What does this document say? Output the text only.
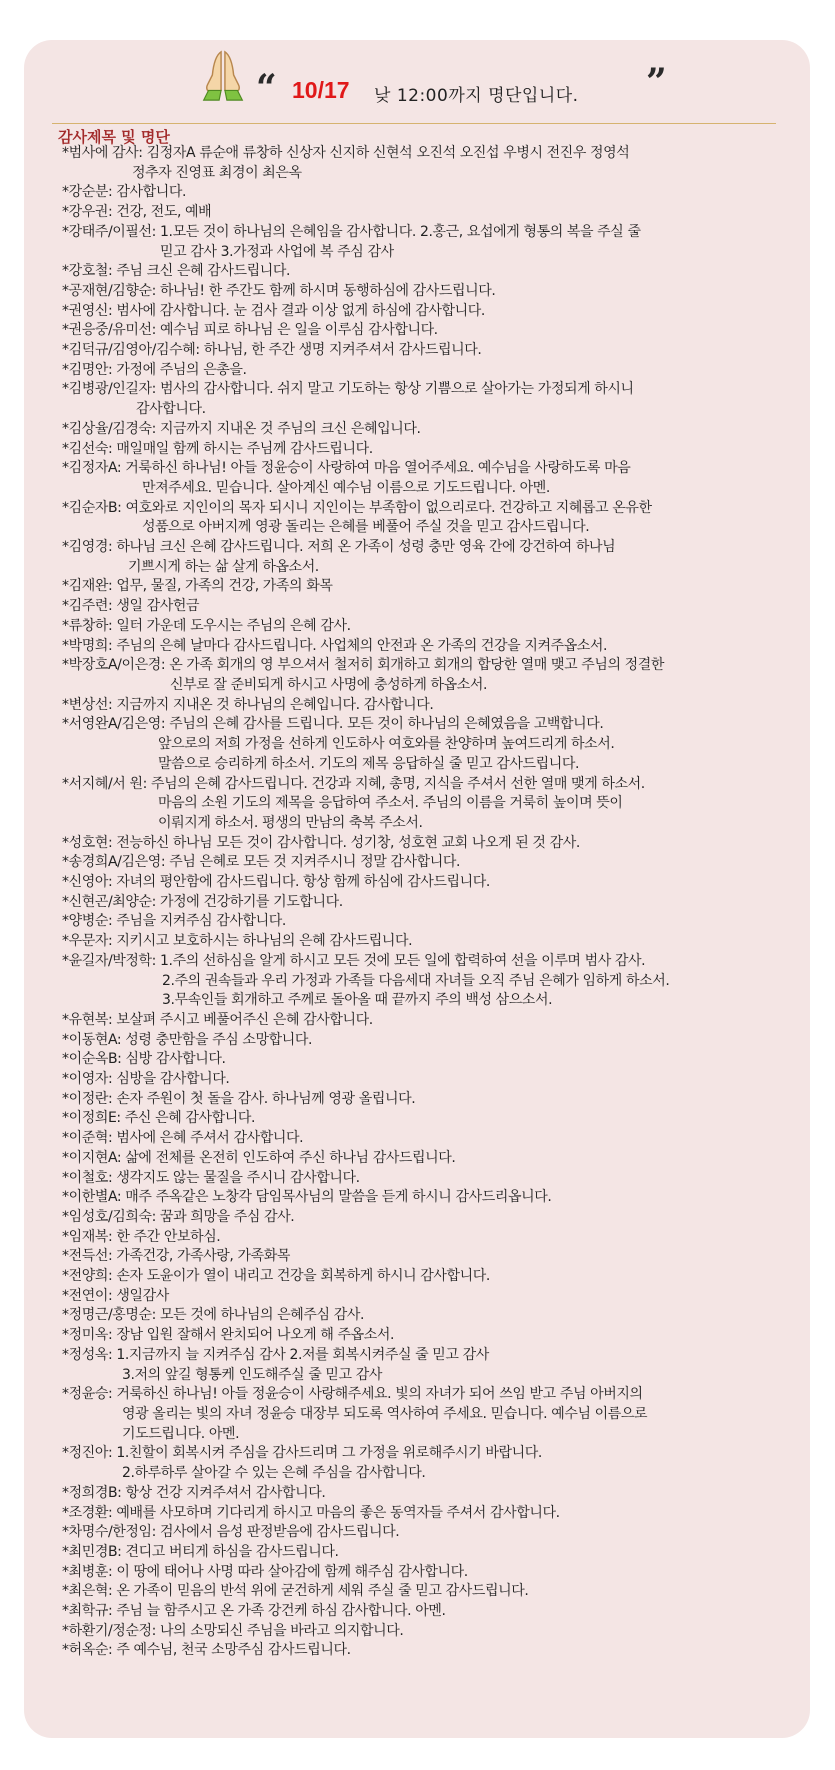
“ 10/17 낮 12:00까지 명단입니다. ”
감사제목 및 명단
*범사에 감사: 김정자A 류순애 류창하 신상자 신지하 신현석 오진석 오진섭 우병시 전진우 정영석
정추자 진영표 최경이 최은옥
*강순분: 감사합니다.
*강우권: 건강, 전도, 예배
*강태주/이필선: 1.모든 것이 하나님의 은혜임을 감사합니다. 2.홍근, 요섭에게 형통의 복을 주실 줄
믿고 감사 3.가정과 사업에 복 주심 감사
*강호철: 주님 크신 은혜 감사드립니다.
*공재현/김향순: 하나님! 한 주간도 함께 하시며 동행하심에 감사드립니다.
*권영신: 범사에 감사합니다. 눈 검사 결과 이상 없게 하심에 감사합니다.
*권응중/유미선: 예수님 피로 하나님 은 일을 이루심 감사합니다.
*김덕규/김영아/김수혜: 하나님, 한 주간 생명 지켜주셔서 감사드립니다.
*김명안: 가정에 주님의 은총을.
*김병광/인길자: 범사의 감사합니다. 쉬지 말고 기도하는 항상 기쁨으로 살아가는 가정되게 하시니
감사합니다.
*김상율/김경숙: 지금까지 지내온 것 주님의 크신 은혜입니다.
*김선숙: 매일매일 함께 하시는 주님께 감사드립니다.
*김정자A: 거룩하신 하나님! 아들 정윤승이 사랑하여 마음 열어주세요. 예수님을 사랑하도록 마음
만져주세요. 믿습니다. 살아계신 예수님 이름으로 기도드립니다. 아멘.
*김순자B: 여호와로 지인이의 목자 되시니 지인이는 부족함이 없으리로다. 건강하고 지혜롭고 온유한
성품으로 아버지께 영광 돌리는 은혜를 베풀어 주실 것을 믿고 감사드립니다.
*김영경: 하나님 크신 은혜 감사드립니다. 저희 온 가족이 성령 충만 영육 간에 강건하여 하나님
기쁘시게 하는 삶 살게 하옵소서.
*김재완: 업무, 물질, 가족의 건강, 가족의 화목
*김주련: 생일 감사헌금
*류창하: 일터 가운데 도우시는 주님의 은혜 감사.
*박명희: 주님의 은혜 날마다 감사드립니다. 사업체의 안전과 온 가족의 건강을 지켜주옵소서.
*박장호A/이은경: 온 가족 회개의 영 부으셔서 철저히 회개하고 회개의 합당한 열매 맺고 주님의 정결한
신부로 잘 준비되게 하시고 사명에 충성하게 하옵소서.
*변상선: 지금까지 지내온 것 하나님의 은혜입니다. 감사합니다.
*서영완A/김은영: 주님의 은혜 감사를 드립니다. 모든 것이 하나님의 은혜였음을 고백합니다.
앞으로의 저희 가정을 선하게 인도하사 여호와를 찬양하며 높여드리게 하소서.
말씀으로 승리하게 하소서. 기도의 제목 응답하실 줄 믿고 감사드립니다.
*서지혜/서 원: 주님의 은혜 감사드립니다. 건강과 지혜, 총명, 지식을 주셔서 선한 열매 맺게 하소서.
마음의 소원 기도의 제목을 응답하여 주소서. 주님의 이름을 거룩히 높이며 뜻이
이뤄지게 하소서. 평생의 만남의 축복 주소서.
*성호현: 전능하신 하나님 모든 것이 감사합니다. 성기창, 성호현 교회 나오게 된 것 감사.
*송경희A/김은영: 주님 은혜로 모든 것 지켜주시니 정말 감사합니다.
*신영아: 자녀의 평안함에 감사드립니다. 항상 함께 하심에 감사드립니다.
*신현곤/최양순: 가정에 건강하기를 기도합니다.
*양병순: 주님을 지켜주심 감사합니다.
*우문자: 지키시고 보호하시는 하나님의 은혜 감사드립니다.
*윤길자/박정학: 1.주의 선하심을 알게 하시고 모든 것에 모든 일에 합력하여 선을 이루며 범사 감사.
2.주의 권속들과 우리 가정과 가족들 다음세대 자녀들 오직 주님 은혜가 임하게 하소서.
3.무속인들 회개하고 주께로 돌아올 때 끝까지 주의 백성 삼으소서.
*유현복: 보살펴 주시고 베풀어주신 은혜 감사합니다.
*이동현A: 성령 충만함을 주심 소망합니다.
*이순옥B: 심방 감사합니다.
*이영자: 심방을 감사합니다.
*이정란: 손자 주원이 첫 돌을 감사. 하나님께 영광 올립니다.
*이정희E: 주신 은혜 감사합니다.
*이준혁: 범사에 은혜 주셔서 감사합니다.
*이지현A: 삶에 전체를 온전히 인도하여 주신 하나님 감사드립니다.
*이철호: 생각지도 않는 물질을 주시니 감사합니다.
*이한별A: 매주 주옥같은 노창각 담임목사님의 말씀을 듣게 하시니 감사드리옵니다.
*임성호/김희숙: 꿈과 희망을 주심 감사.
*임재복: 한 주간 안보하심.
*전득선: 가족건강, 가족사랑, 가족화목
*전양희: 손자 도윤이가 열이 내리고 건강을 회복하게 하시니 감사합니다.
*전연이: 생일감사
*정명근/홍명순: 모든 것에 하나님의 은혜주심 감사.
*정미옥: 장남 입원 잘해서 완치되어 나오게 해 주옵소서.
*정성옥: 1.지금까지 늘 지켜주심 감사 2.저를 회복시켜주실 줄 믿고 감사
3.저의 앞길 형통케 인도해주실 줄 믿고 감사
*정윤승: 거룩하신 하나님! 아들 정윤승이 사랑해주세요. 빛의 자녀가 되어 쓰임 받고 주님 아버지의
영광 올리는 빛의 자녀 정윤승 대장부 되도록 역사하여 주세요. 믿습니다. 예수님 이름으로
기도드립니다. 아멘.
*정진아: 1.친할이 회복시켜 주심을 감사드리며 그 가정을 위로해주시기 바랍니다.
2.하루하루 살아갈 수 있는 은혜 주심을 감사합니다.
*정희경B: 항상 건강 지켜주셔서 감사합니다.
*조경환: 예배를 사모하며 기다리게 하시고 마음의 좋은 동역자들 주셔서 감사합니다.
*차명수/한정임: 검사에서 음성 판정받음에 감사드립니다.
*최민경B: 견디고 버티게 하심을 감사드립니다.
*최병훈: 이 땅에 태어나 사명 따라 살아감에 함께 해주심 감사합니다.
*최은혁: 온 가족이 믿음의 반석 위에 굳건하게 세워 주실 줄 믿고 감사드립니다.
*최학규: 주님 늘 함주시고 온 가족 강건케 하심 감사합니다. 아멘.
*하환기/정순정: 나의 소망되신 주님을 바라고 의지합니다.
*허옥순: 주 예수님, 천국 소망주심 감사드립니다.
